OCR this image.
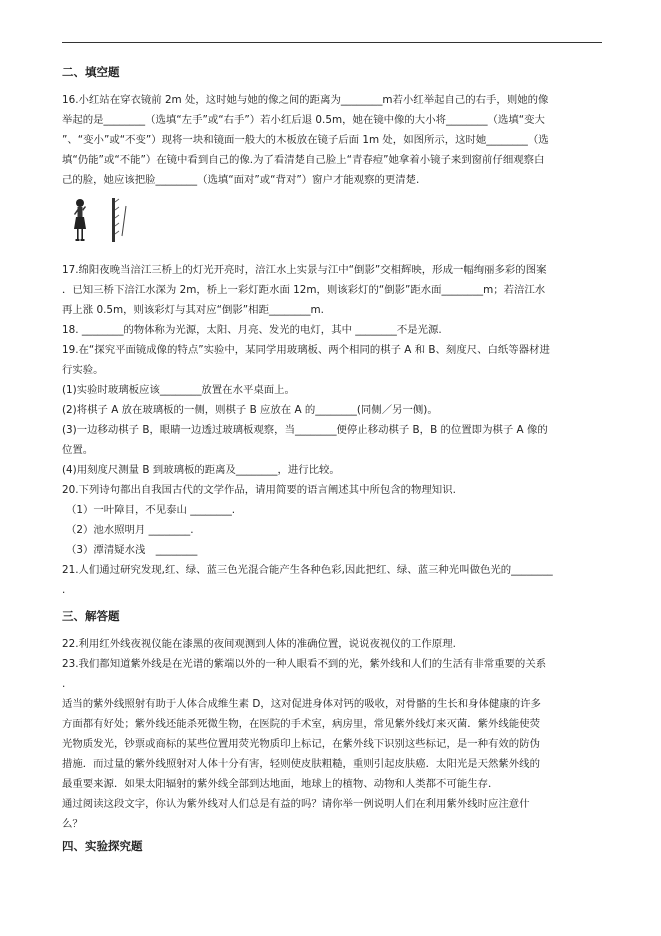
二、填空题

16.小红站在穿衣镜前 2m 处，这时她与她的像之间的距离为________m若小红举起自己的右手，则她的像

举起的是________（选填“左手”或“右手”）若小红后退 0.5m，她在镜中像的大小将________（选填“变大

”、“变小”或“不变”）现将一块和镜面一般大的木板放在镜子后面 1m 处，如图所示，这时她________（选

填“仍能”或“不能”）在镜中看到自己的像.为了看清楚自己脸上“青春痘”她拿着小镜子来到窗前仔细观察白

己的脸，她应该把脸________（选填“面对”或“背对”）窗户才能观察的更清楚.

17.绵阳夜晚当涪江三桥上的灯光开亮时，涪江水上实景与江中“倒影”交相辉映，形成一幅绚丽多彩的图案

．已知三桥下涪江水深为 2m，桥上一彩灯距水面 12m，则该彩灯的“倒影”距水面________m；若涪江水

再上涨 0.5m，则该彩灯与其对应“倒影”相距________m.

18. ________的物体称为光源，太阳、月亮、发光的电灯，其中 ________不是光源.

19.在“探究平面镜成像的特点”实验中，某同学用玻璃板、两个相同的棋子 A 和 B、刻度尺、白纸等器材进

行实验。

(1)实验时玻璃板应该________放置在水平桌面上。

(2)将棋子 A 放在玻璃板的一侧，则棋子 B 应放在 A 的________(同侧／另一侧)。

(3)一边移动棋子 B，眼睛一边透过玻璃板观察，当________便停止移动棋子 B，B 的位置即为棋子 A 像的

位置。

(4)用刻度尺测量 B 到玻璃板的距离及________，进行比较。

20.下列诗句都出自我国古代的文学作品，请用简要的语言阐述其中所包含的物理知识.

（1）一叶障目，不见泰山 ________.

（2）池水照明月 ________.

（3）潭清疑水浅　________

21.人们通过研究发现,红、绿、蓝三色光混合能产生各种色彩,因此把红、绿、蓝三种光叫做色光的________

.

三、解答题

22.利用红外线夜视仪能在漆黑的夜间观测到人体的准确位置，说说夜视仪的工作原理.

23.我们都知道紫外线是在光谱的紫端以外的一种人眼看不到的光，紫外线和人们的生活有非常重要的关系

.

适当的紫外线照射有助于人体合成维生素 D，这对促进身体对钙的吸收，对骨骼的生长和身体健康的许多

方面都有好处；紫外线还能杀死微生物，在医院的手术室，病房里，常见紫外线灯来灭菌．紫外线能使荧

光物质发光，钞票或商标的某些位置用荧光物质印上标记，在紫外线下识别这些标记，是一种有效的防伪

措施．而过量的紫外线照射对人体十分有害，轻则使皮肤粗糙，重则引起皮肤癌．太阳光是天然紫外线的

最重要来源．如果太阳辐射的紫外线全部到达地面，地球上的植物、动物和人类都不可能生存．

通过阅读这段文字，你认为紫外线对人们总是有益的吗？请你举一例说明人们在利用紫外线时应注意什

么？

四、实验探究题
